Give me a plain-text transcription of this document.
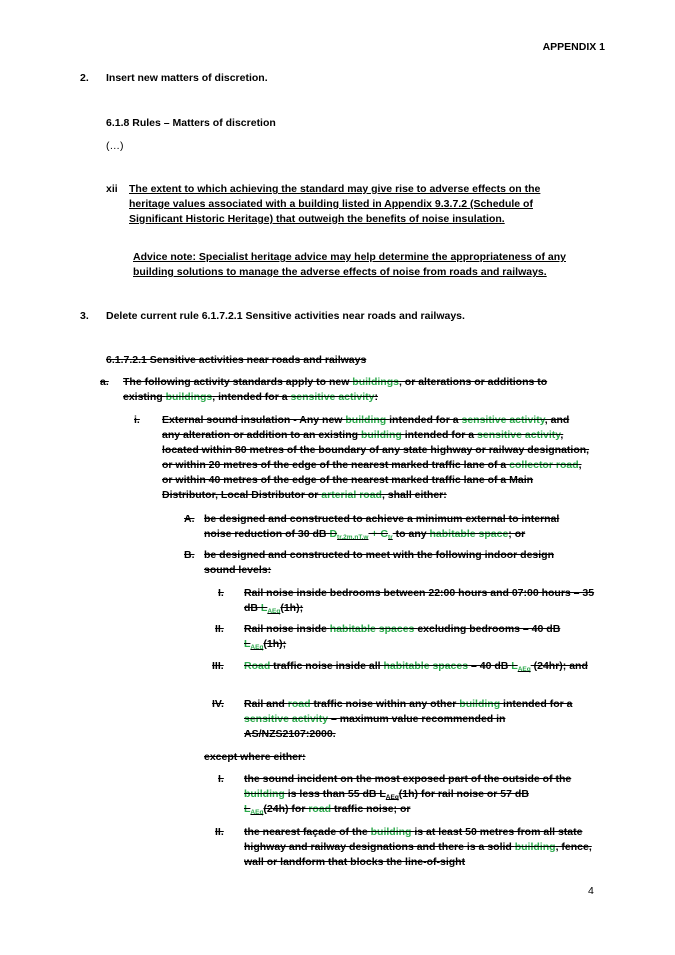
APPENDIX 1
2. Insert new matters of discretion.
6.1.8 Rules – Matters of discretion
(…)
xii The extent to which achieving the standard may give rise to adverse effects on the heritage values associated with a building listed in Appendix 9.3.7.2 (Schedule of Significant Historic Heritage) that outweigh the benefits of noise insulation.
Advice note: Specialist heritage advice may help determine the appropriateness of any building solutions to manage the adverse effects of noise from roads and railways.
3. Delete current rule 6.1.7.2.1 Sensitive activities near roads and railways.
6.1.7.2.1 Sensitive activities near roads and railways
a. The following activity standards apply to new buildings, or alterations or additions to existing buildings, intended for a sensitive activity:
i. External sound insulation - Any new building intended for a sensitive activity, and any alteration or addition to an existing building intended for a sensitive activity, located within 80 metres of the boundary of any state highway or railway designation, or within 20 metres of the edge of the nearest marked traffic lane of a collector road, or within 40 metres of the edge of the nearest marked traffic lane of a Main Distributor, Local Distributor or arterial road, shall either:
A. be designed and constructed to achieve a minimum external to internal noise reduction of 30 dB $D_{tr,2m,nT,w} + C_{tr}$ to any habitable space; or
B. be designed and constructed to meet with the following indoor design sound levels:
I. Rail noise inside bedrooms between 22:00 hours and 07:00 hours – 35 dB $L_{AEq}(1h)$;
II. Rail noise inside habitable spaces excluding bedrooms – 40 dB $L_{AEq}(1h)$;
III. Road traffic noise inside all habitable spaces – 40 dB $L_{AEq}$ (24hr); and
IV. Rail and road traffic noise within any other building intended for a sensitive activity – maximum value recommended in AS/NZS2107:2000.
except where either:
I. the sound incident on the most exposed part of the outside of the building is less than 55 dB $L_{AEq}(1h)$ for rail noise or 57 dB $L_{AEq}(24h)$ for road traffic noise; or
II. the nearest façade of the building is at least 50 metres from all state highway and railway designations and there is a solid building, fence, wall or landform that blocks the line-of-sight
4
